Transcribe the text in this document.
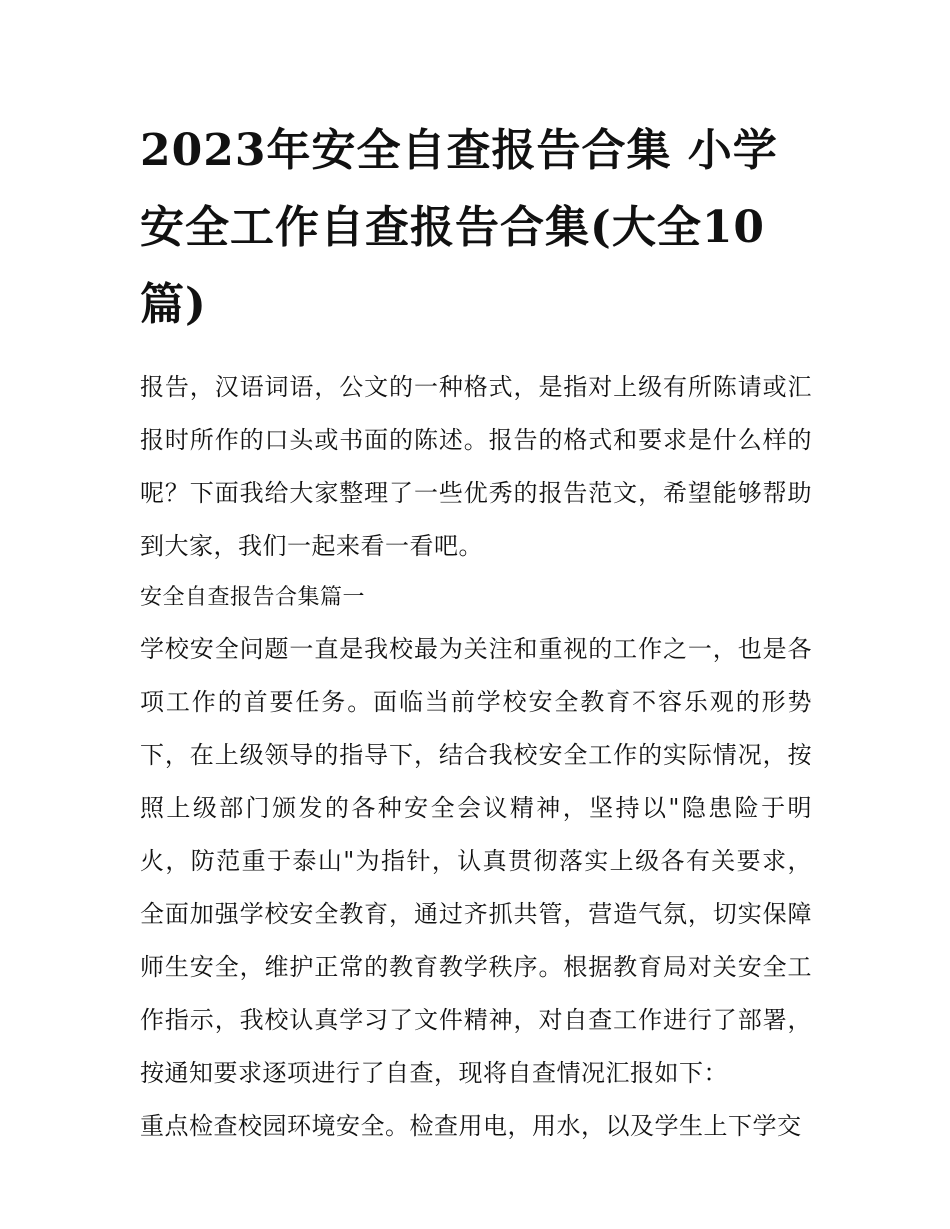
2023年安全自查报告合集 小学安全工作自查报告合集(大全10篇)

报告，汉语词语，公文的一种格式，是指对上级有所陈请或汇报时所作的口头或书面的陈述。报告的格式和要求是什么样的呢？下面我给大家整理了一些优秀的报告范文，希望能够帮助到大家，我们一起来看一看吧。

安全自查报告合集篇一

学校安全问题一直是我校最为关注和重视的工作之一，也是各项工作的首要任务。面临当前学校安全教育不容乐观的形势下，在上级领导的指导下，结合我校安全工作的实际情况，按照上级部门颁发的各种安全会议精神，坚持以"隐患险于明火，防范重于泰山"为指针，认真贯彻落实上级各有关要求，全面加强学校安全教育，通过齐抓共管，营造气氛，切实保障师生安全，维护正常的教育教学秩序。根据教育局对关安全工作指示，我校认真学习了文件精神，对自查工作进行了部署，按通知要求逐项进行了自查，现将自查情况汇报如下：

重点检查校园环境安全。检查用电，用水，以及学生上下学交
